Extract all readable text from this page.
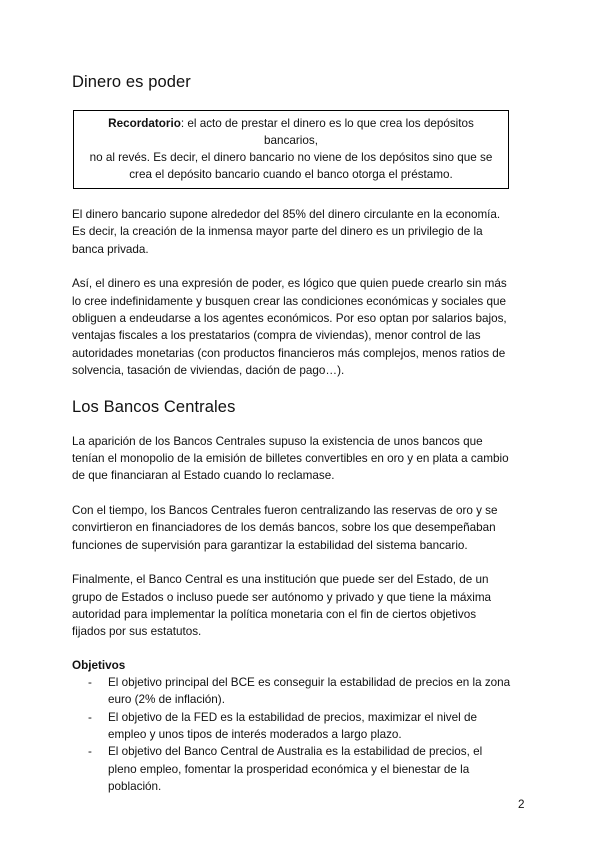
Dinero es poder
Recordatorio: el acto de prestar el dinero es lo que crea los depósitos bancarios,
no al revés. Es decir, el dinero bancario no viene de los depósitos sino que se
crea el depósito bancario cuando el banco otorga el préstamo.

El dinero bancario supone alrededor del 85% del dinero circulante en la economía.
Es decir, la creación de la inmensa mayor parte del dinero es un privilegio de la
banca privada.

Así, el dinero es una expresión de poder, es lógico que quien puede crearlo sin más
lo cree indefinidamente y busquen crear las condiciones económicas y sociales que
obliguen a endeudarse a los agentes económicos. Por eso optan por salarios bajos,
ventajas fiscales a los prestatarios (compra de viviendas), menor control de las
autoridades monetarias (con productos financieros más complejos, menos ratios de
solvencia, tasación de viviendas, dación de pago…).

Los Bancos Centrales

La aparición de los Bancos Centrales supuso la existencia de unos bancos que
tenían el monopolio de la emisión de billetes convertibles en oro y en plata a cambio
de que financiaran al Estado cuando lo reclamase.

Con el tiempo, los Bancos Centrales fueron centralizando las reservas de oro y se
convirtieron en financiadores de los demás bancos, sobre los que desempeñaban
funciones de supervisión para garantizar la estabilidad del sistema bancario.

Finalmente, el Banco Central es una institución que puede ser del Estado, de un
grupo de Estados o incluso puede ser autónomo y privado y que tiene la máxima
autoridad para implementar la política monetaria con el fin de ciertos objetivos
fijados por sus estatutos.

Objetivos
- El objetivo principal del BCE es conseguir la estabilidad de precios en la zona
euro (2% de inflación).
- El objetivo de la FED es la estabilidad de precios, maximizar el nivel de
empleo y unos tipos de interés moderados a largo plazo.
- El objetivo del Banco Central de Australia es la estabilidad de precios, el
pleno empleo, fomentar la prosperidad económica y el bienestar de la
población.
2
